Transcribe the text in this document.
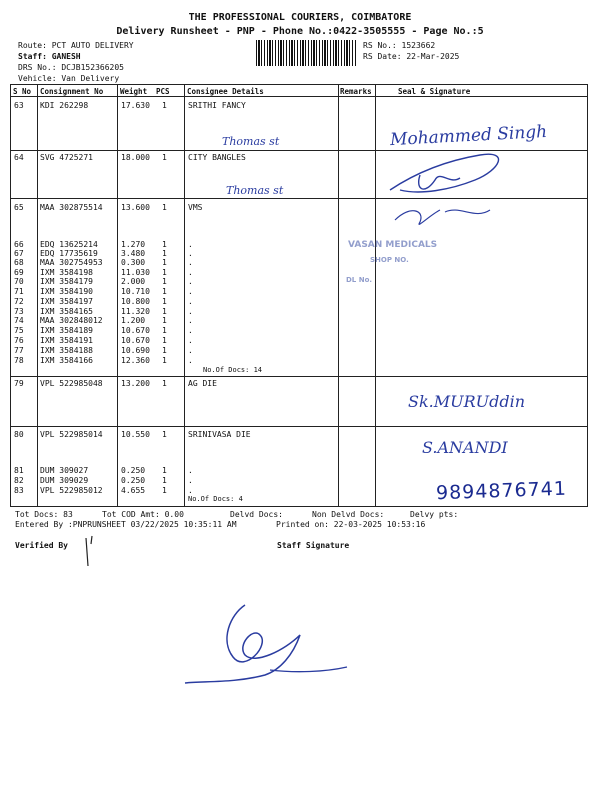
THE PROFESSIONAL COURIERS, COIMBATORE
Delivery Runsheet - PNP - Phone No.:0422-3505555 - Page No.:5
Route: PCT AUTO DELIVERY
Staff: GANESH
DRS No.: DCJB152366205
Vehicle: Van Delivery
RS No.: 1523662
RS Date: 22-Mar-2025
S No Consignment No Weight PCS Consignee Details	Remarks	Seal & Signature
63 KDI 262298	17.630 1	SRITHI FANCY
64 SVG 4725271	18.000 1	CITY BANGLES
65 MAA 302875514 13.600 1	VMS
66 EDQ 13625214	1.270 1	.
67 EDQ 17735619	3.480 1	.
68 MAA 302754953 0.300 1	.
69 IXM 3584198	11.030 1	.
70 IXM 3584179	2.000 1	.
71 IXM 3584190	10.710 1	.
72 IXM 3584197	10.800 1	.
73 IXM 3584165	11.320 1	.
74 MAA 302848012 1.200 1	.
75 IXM 3584189	10.670 1	.
76 IXM 3584191	10.670 1	.
77 IXM 3584188	10.690 1	.
78 IXM 3584166	12.360 1	.
No.Of Docs: 14
79 VPL 522985048 13.200 1	AG DIE
80 VPL 522985014 10.550 1	SRINIVASA DIE
81 DUM 309027	0.250 1	.
82 DUM 309029	0.250 1	.
83 VPL 522985012 4.655 1	.
No.Of Docs: 4
Thomas st	Mohammed Singh
Thomas st
Sk.MURUddin
S.ANANDI
9894876741
VASAN MEDICALS
SHOP NO.
DL No.
Tot Docs: 83	Tot COD Amt: 0.00	Delvd Docs:	Non Delvd Docs:	Delvy pts:
Entered By :PNPRUNSHEET 03/22/2025 10:35:11 AM	Printed on: 22-03-2025 10:53:16
Verified By	Staff Signature
